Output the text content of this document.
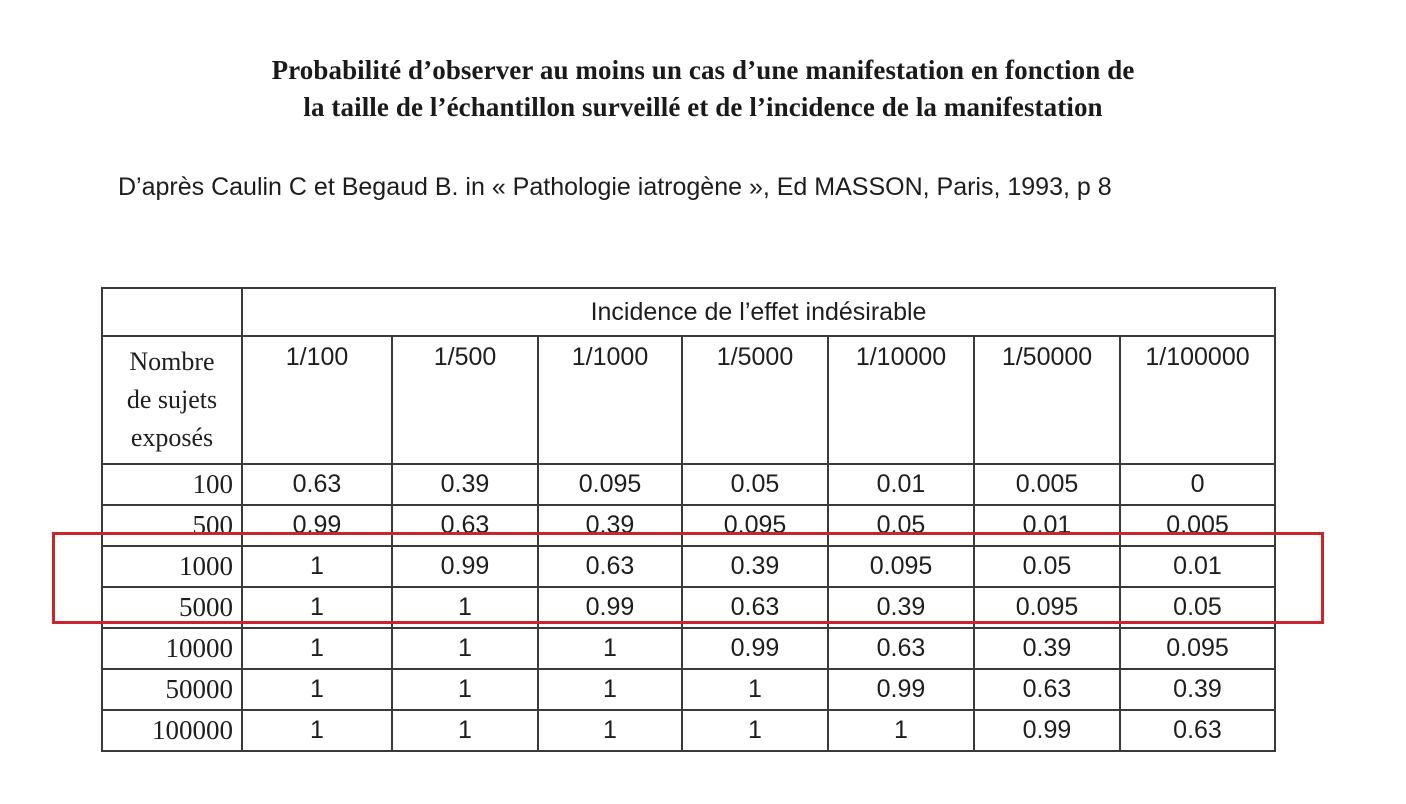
Probabilité d’observer au moins un cas d’une manifestation en fonction de
la taille de l’échantillon surveillé et de l’incidence de la manifestation
D’après Caulin C et Begaud B. in « Pathologie iatrogène », Ed MASSON, Paris, 1993, p 8
	Incidence de l’effet indésirable						

Nombre
de sujets
exposés	1/100	1/500	1/1000	1/5000	1/10000	1/50000	1/100000
100	0.63	0.39	0.095	0.05	0.01	0.005	0
500	0.99	0.63	0.39	0.095	0.05	0.01	0.005
1000	1	0.99	0.63	0.39	0.095	0.05	0.01
5000	1	1	0.99	0.63	0.39	0.095	0.05
10000	1	1	1	0.99	0.63	0.39	0.095
50000	1	1	1	1	0.99	0.63	0.39
100000	1	1	1	1	1	0.99	0.63
